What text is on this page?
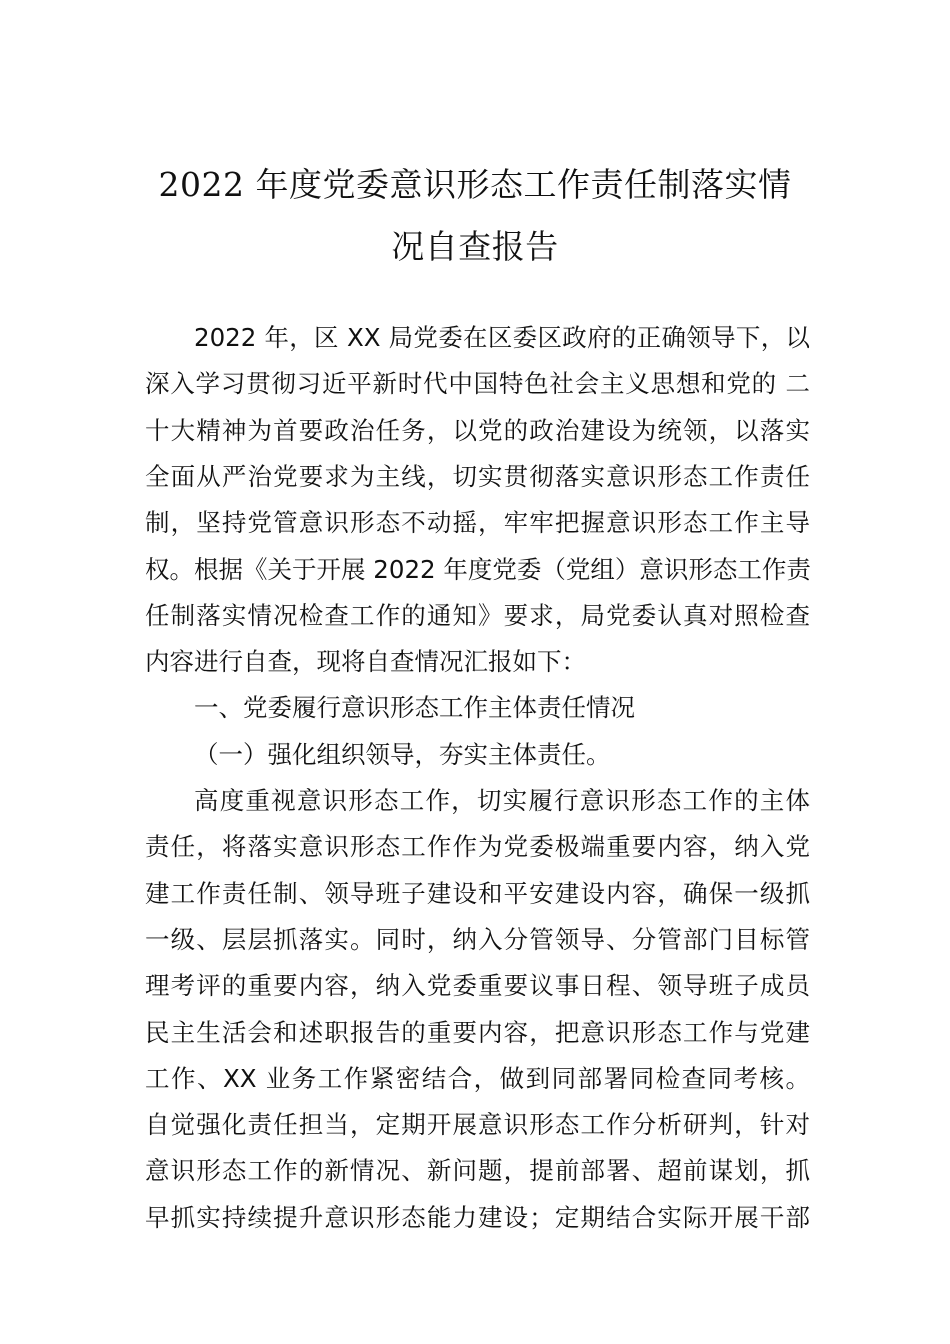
2022 年度党委意识形态工作责任制落实情
况自查报告
2022 年，区 XX 局党委在区委区政府的正确领导下，以
深入学习贯彻习近平新时代中国特色社会主义思想和党的 二
十大精神为首要政治任务，以党的政治建设为统领，以落实
全面从严治党要求为主线，切实贯彻落实意识形态工作责任
制，坚持党管意识形态不动摇，牢牢把握意识形态工作主导
权。根据《关于开展 2022 年度党委（党组）意识形态工作责
任制落实情况检查工作的通知》要求，局党委认真对照检查
内容进行自查，现将自查情况汇报如下：
一、党委履行意识形态工作主体责任情况
（一）强化组织领导，夯实主体责任。
高度重视意识形态工作，切实履行意识形态工作的主体
责任，将落实意识形态工作作为党委极端重要内容，纳入党
建工作责任制、领导班子建设和平安建设内容，确保一级抓
一级、层层抓落实。同时，纳入分管领导、分管部门目标管
理考评的重要内容，纳入党委重要议事日程、领导班子成员
民主生活会和述职报告的重要内容，把意识形态工作与党建
工作、XX 业务工作紧密结合，做到同部署同检查同考核。
自觉强化责任担当，定期开展意识形态工作分析研判，针对
意识形态工作的新情况、新问题，提前部署、超前谋划，抓
早抓实持续提升意识形态能力建设；定期结合实际开展干部
